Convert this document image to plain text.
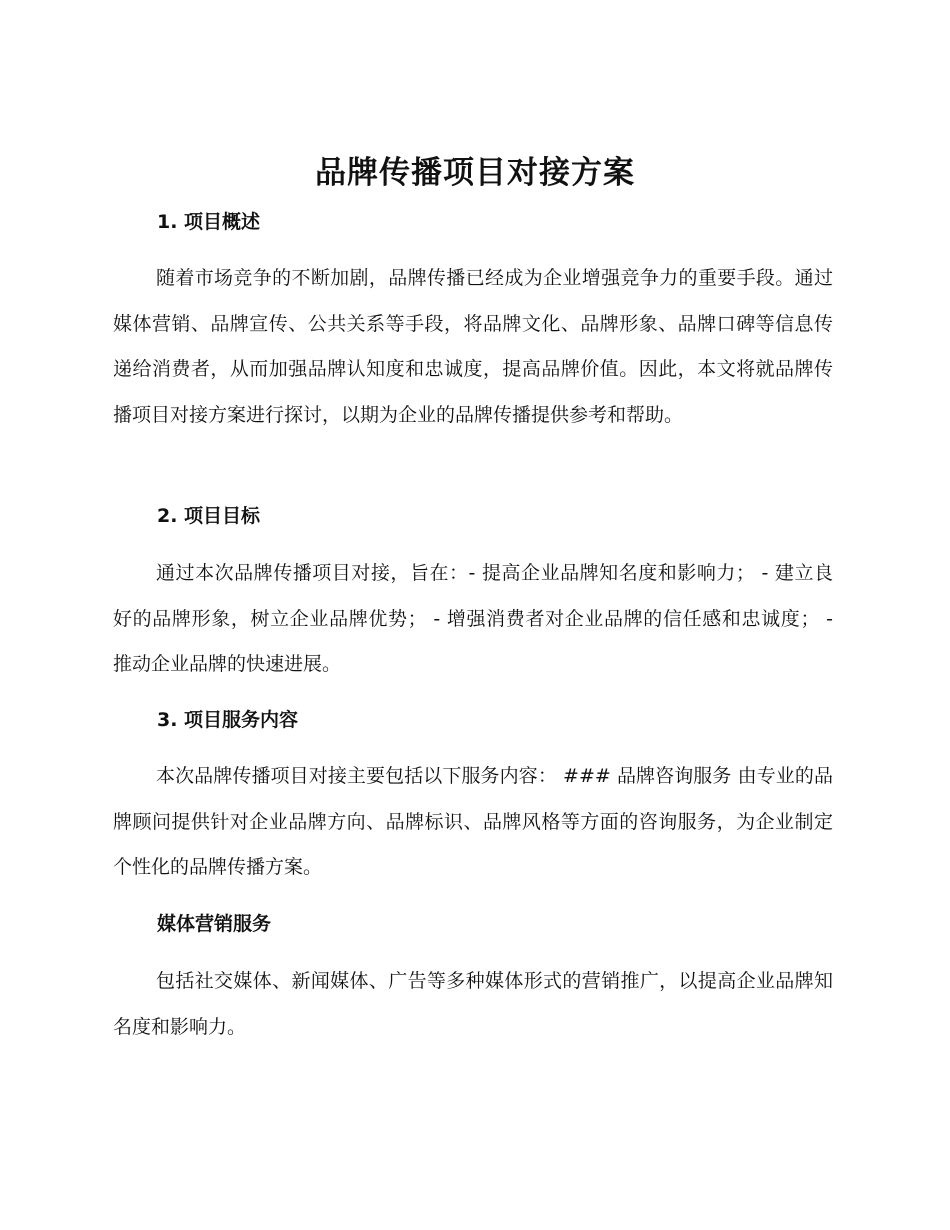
品牌传播项目对接方案
1. 项目概述
随着市场竞争的不断加剧，品牌传播已经成为企业增强竞争力的重要手段。通过媒体营销、品牌宣传、公共关系等手段，将品牌文化、品牌形象、品牌口碑等信息传递给消费者，从而加强品牌认知度和忠诚度，提高品牌价值。因此，本文将就品牌传播项目对接方案进行探讨，以期为企业的品牌传播提供参考和帮助。
2. 项目目标
通过本次品牌传播项目对接，旨在：- 提高企业品牌知名度和影响力； - 建立良好的品牌形象，树立企业品牌优势； - 增强消费者对企业品牌的信任感和忠诚度； - 推动企业品牌的快速进展。
3. 项目服务内容
本次品牌传播项目对接主要包括以下服务内容： ### 品牌咨询服务 由专业的品牌顾问提供针对企业品牌方向、品牌标识、品牌风格等方面的咨询服务，为企业制定个性化的品牌传播方案。
媒体营销服务
包括社交媒体、新闻媒体、广告等多种媒体形式的营销推广，以提高企业品牌知名度和影响力。
